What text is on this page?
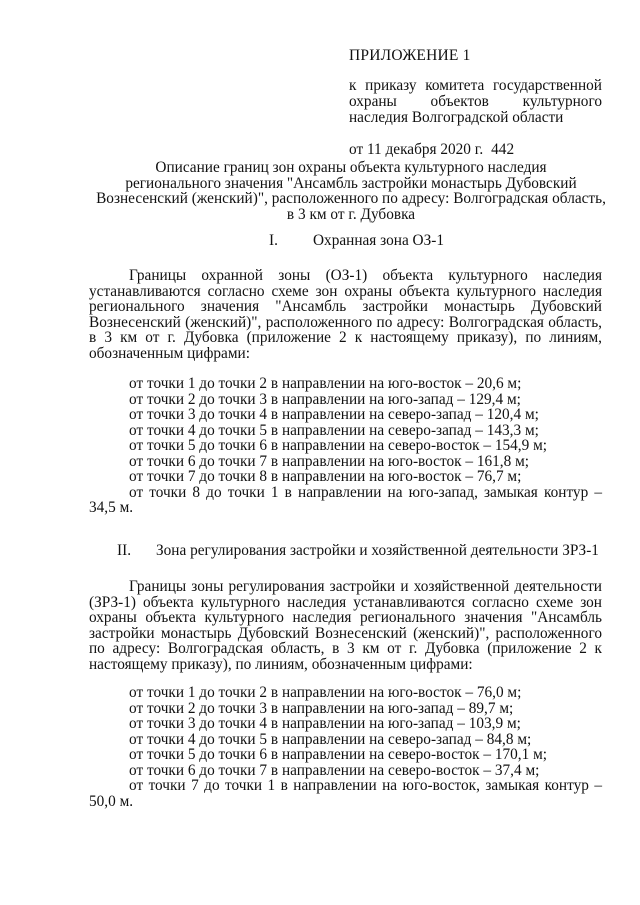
ПРИЛОЖЕНИЕ 1
к приказу комитета государственной
охраны объектов культурного
наследия Волгоградской области
от 11 декабря 2020 г. 442
Описание границ зон охраны объекта культурного наследия
регионального значения "Ансамбль застройки монастырь Дубовский
Вознесенский (женский)", расположенного по адресу: Волгоградская область,
в 3 км от г. Дубовка
I. Охранная зона ОЗ-1
Границы охранной зоны (ОЗ-1) объекта культурного наследия устанавливаются согласно схеме зон охраны объекта культурного наследия регионального значения "Ансамбль застройки монастырь Дубовский Вознесенский (женский)", расположенного по адресу: Волгоградская область, в 3 км от г. Дубовка (приложение 2 к настоящему приказу), по линиям, обозначенным цифрами:
от точки 1 до точки 2 в направлении на юго-восток – 20,6 м;
от точки 2 до точки 3 в направлении на юго-запад – 129,4 м;
от точки 3 до точки 4 в направлении на северо-запад – 120,4 м;
от точки 4 до точки 5 в направлении на северо-запад – 143,3 м;
от точки 5 до точки 6 в направлении на северо-восток – 154,9 м;
от точки 6 до точки 7 в направлении на юго-восток – 161,8 м;
от точки 7 до точки 8 в направлении на юго-восток – 76,7 м;
от точки 8 до точки 1 в направлении на юго-запад, замыкая контур –
34,5 м.
II. Зона регулирования застройки и хозяйственной деятельности ЗРЗ-1
Границы зоны регулирования застройки и хозяйственной деятельности (ЗРЗ-1) объекта культурного наследия устанавливаются согласно схеме зон охраны объекта культурного наследия регионального значения "Ансамбль застройки монастырь Дубовский Вознесенский (женский)", расположенного по адресу: Волгоградская область, в 3 км от г. Дубовка (приложение 2 к настоящему приказу), по линиям, обозначенным цифрами:
от точки 1 до точки 2 в направлении на юго-восток – 76,0 м;
от точки 2 до точки 3 в направлении на юго-запад – 89,7 м;
от точки 3 до точки 4 в направлении на юго-запад – 103,9 м;
от точки 4 до точки 5 в направлении на северо-запад – 84,8 м;
от точки 5 до точки 6 в направлении на северо-восток – 170,1 м;
от точки 6 до точки 7 в направлении на северо-восток – 37,4 м;
от точки 7 до точки 1 в направлении на юго-восток, замыкая контур –
50,0 м.
